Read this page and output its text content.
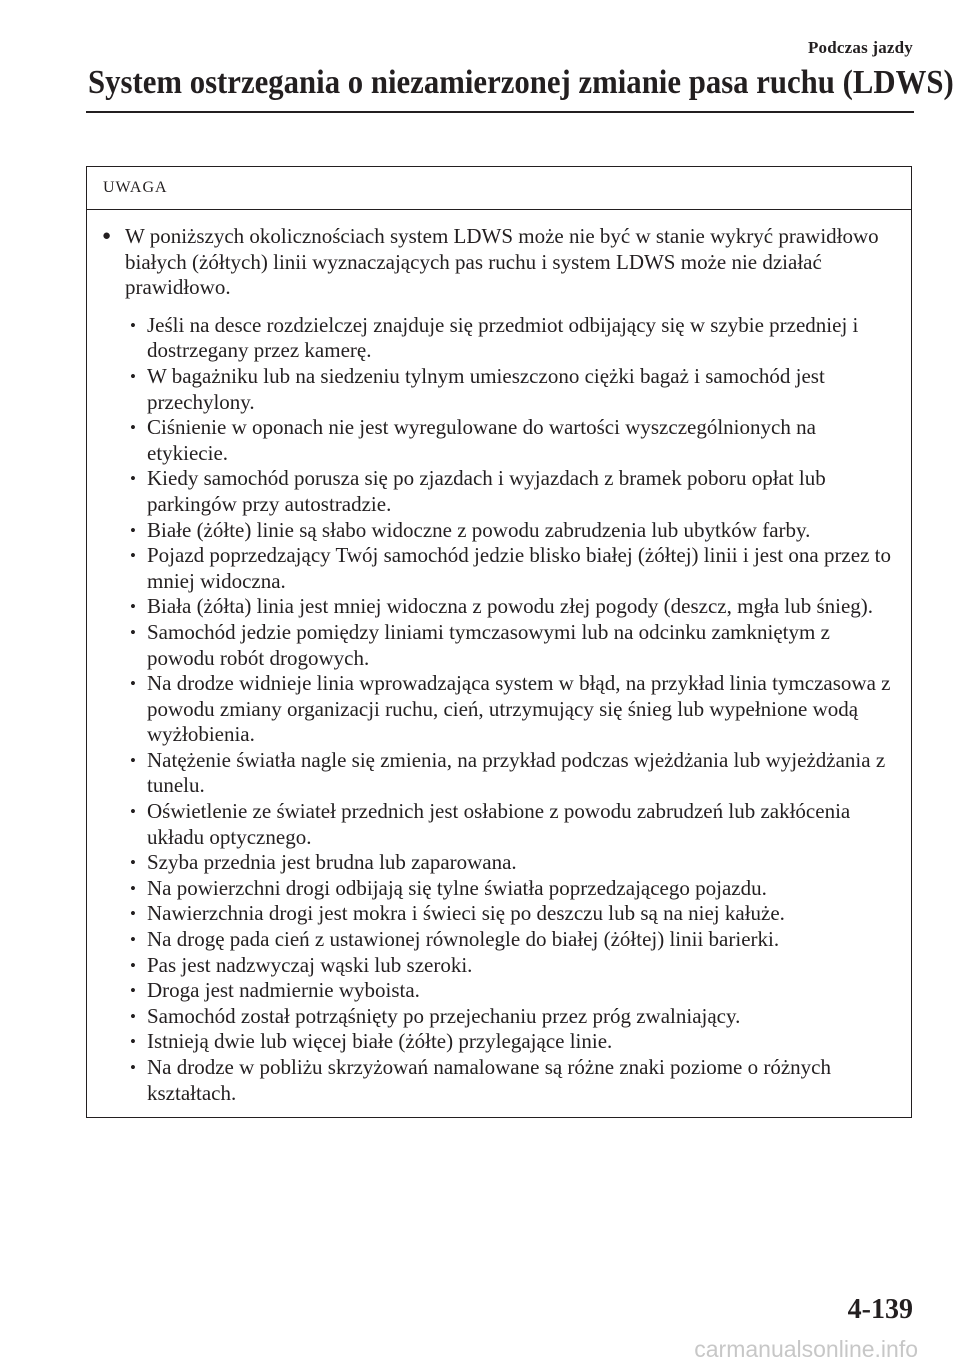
Podczas jazdy
System ostrzegania o niezamierzonej zmianie pasa ruchu (LDWS)
UWAGA
● W poniższych okolicznościach system LDWS może nie być w stanie wykryć prawidłowo białych (żółtych) linii wyznaczających pas ruchu i system LDWS może nie działać prawidłowo.
• Jeśli na desce rozdzielczej znajduje się przedmiot odbijający się w szybie przedniej i dostrzegany przez kamerę.
• W bagażniku lub na siedzeniu tylnym umieszczono ciężki bagaż i samochód jest przechylony.
• Ciśnienie w oponach nie jest wyregulowane do wartości wyszczególnionych na etykiecie.
• Kiedy samochód porusza się po zjazdach i wyjazdach z bramek poboru opłat lub parkingów przy autostradzie.
• Białe (żółte) linie są słabo widoczne z powodu zabrudzenia lub ubytków farby.
• Pojazd poprzedzający Twój samochód jedzie blisko białej (żółtej) linii i jest ona przez to mniej widoczna.
• Biała (żółta) linia jest mniej widoczna z powodu złej pogody (deszcz, mgła lub śnieg).
• Samochód jedzie pomiędzy liniami tymczasowymi lub na odcinku zamkniętym z powodu robót drogowych.
• Na drodze widnieje linia wprowadzająca system w błąd, na przykład linia tymczasowa z powodu zmiany organizacji ruchu, cień, utrzymujący się śnieg lub wypełnione wodą wyżłobienia.
• Natężenie światła nagle się zmienia, na przykład podczas wjeżdżania lub wyjeżdżania z tunelu.
• Oświetlenie ze świateł przednich jest osłabione z powodu zabrudzeń lub zakłócenia układu optycznego.
• Szyba przednia jest brudna lub zaparowana.
• Na powierzchni drogi odbijają się tylne światła poprzedzającego pojazdu.
• Nawierzchnia drogi jest mokra i świeci się po deszczu lub są na niej kałuże.
• Na drogę pada cień z ustawionej równolegle do białej (żółtej) linii barierki.
• Pas jest nadzwyczaj wąski lub szeroki.
• Droga jest nadmiernie wyboista.
• Samochód został potrząśnięty po przejechaniu przez próg zwalniający.
• Istnieją dwie lub więcej białe (żółte) przylegające linie.
• Na drodze w pobliżu skrzyżowań namalowane są różne znaki poziome o różnych kształtach.
4-139
carmanualsonline.info
